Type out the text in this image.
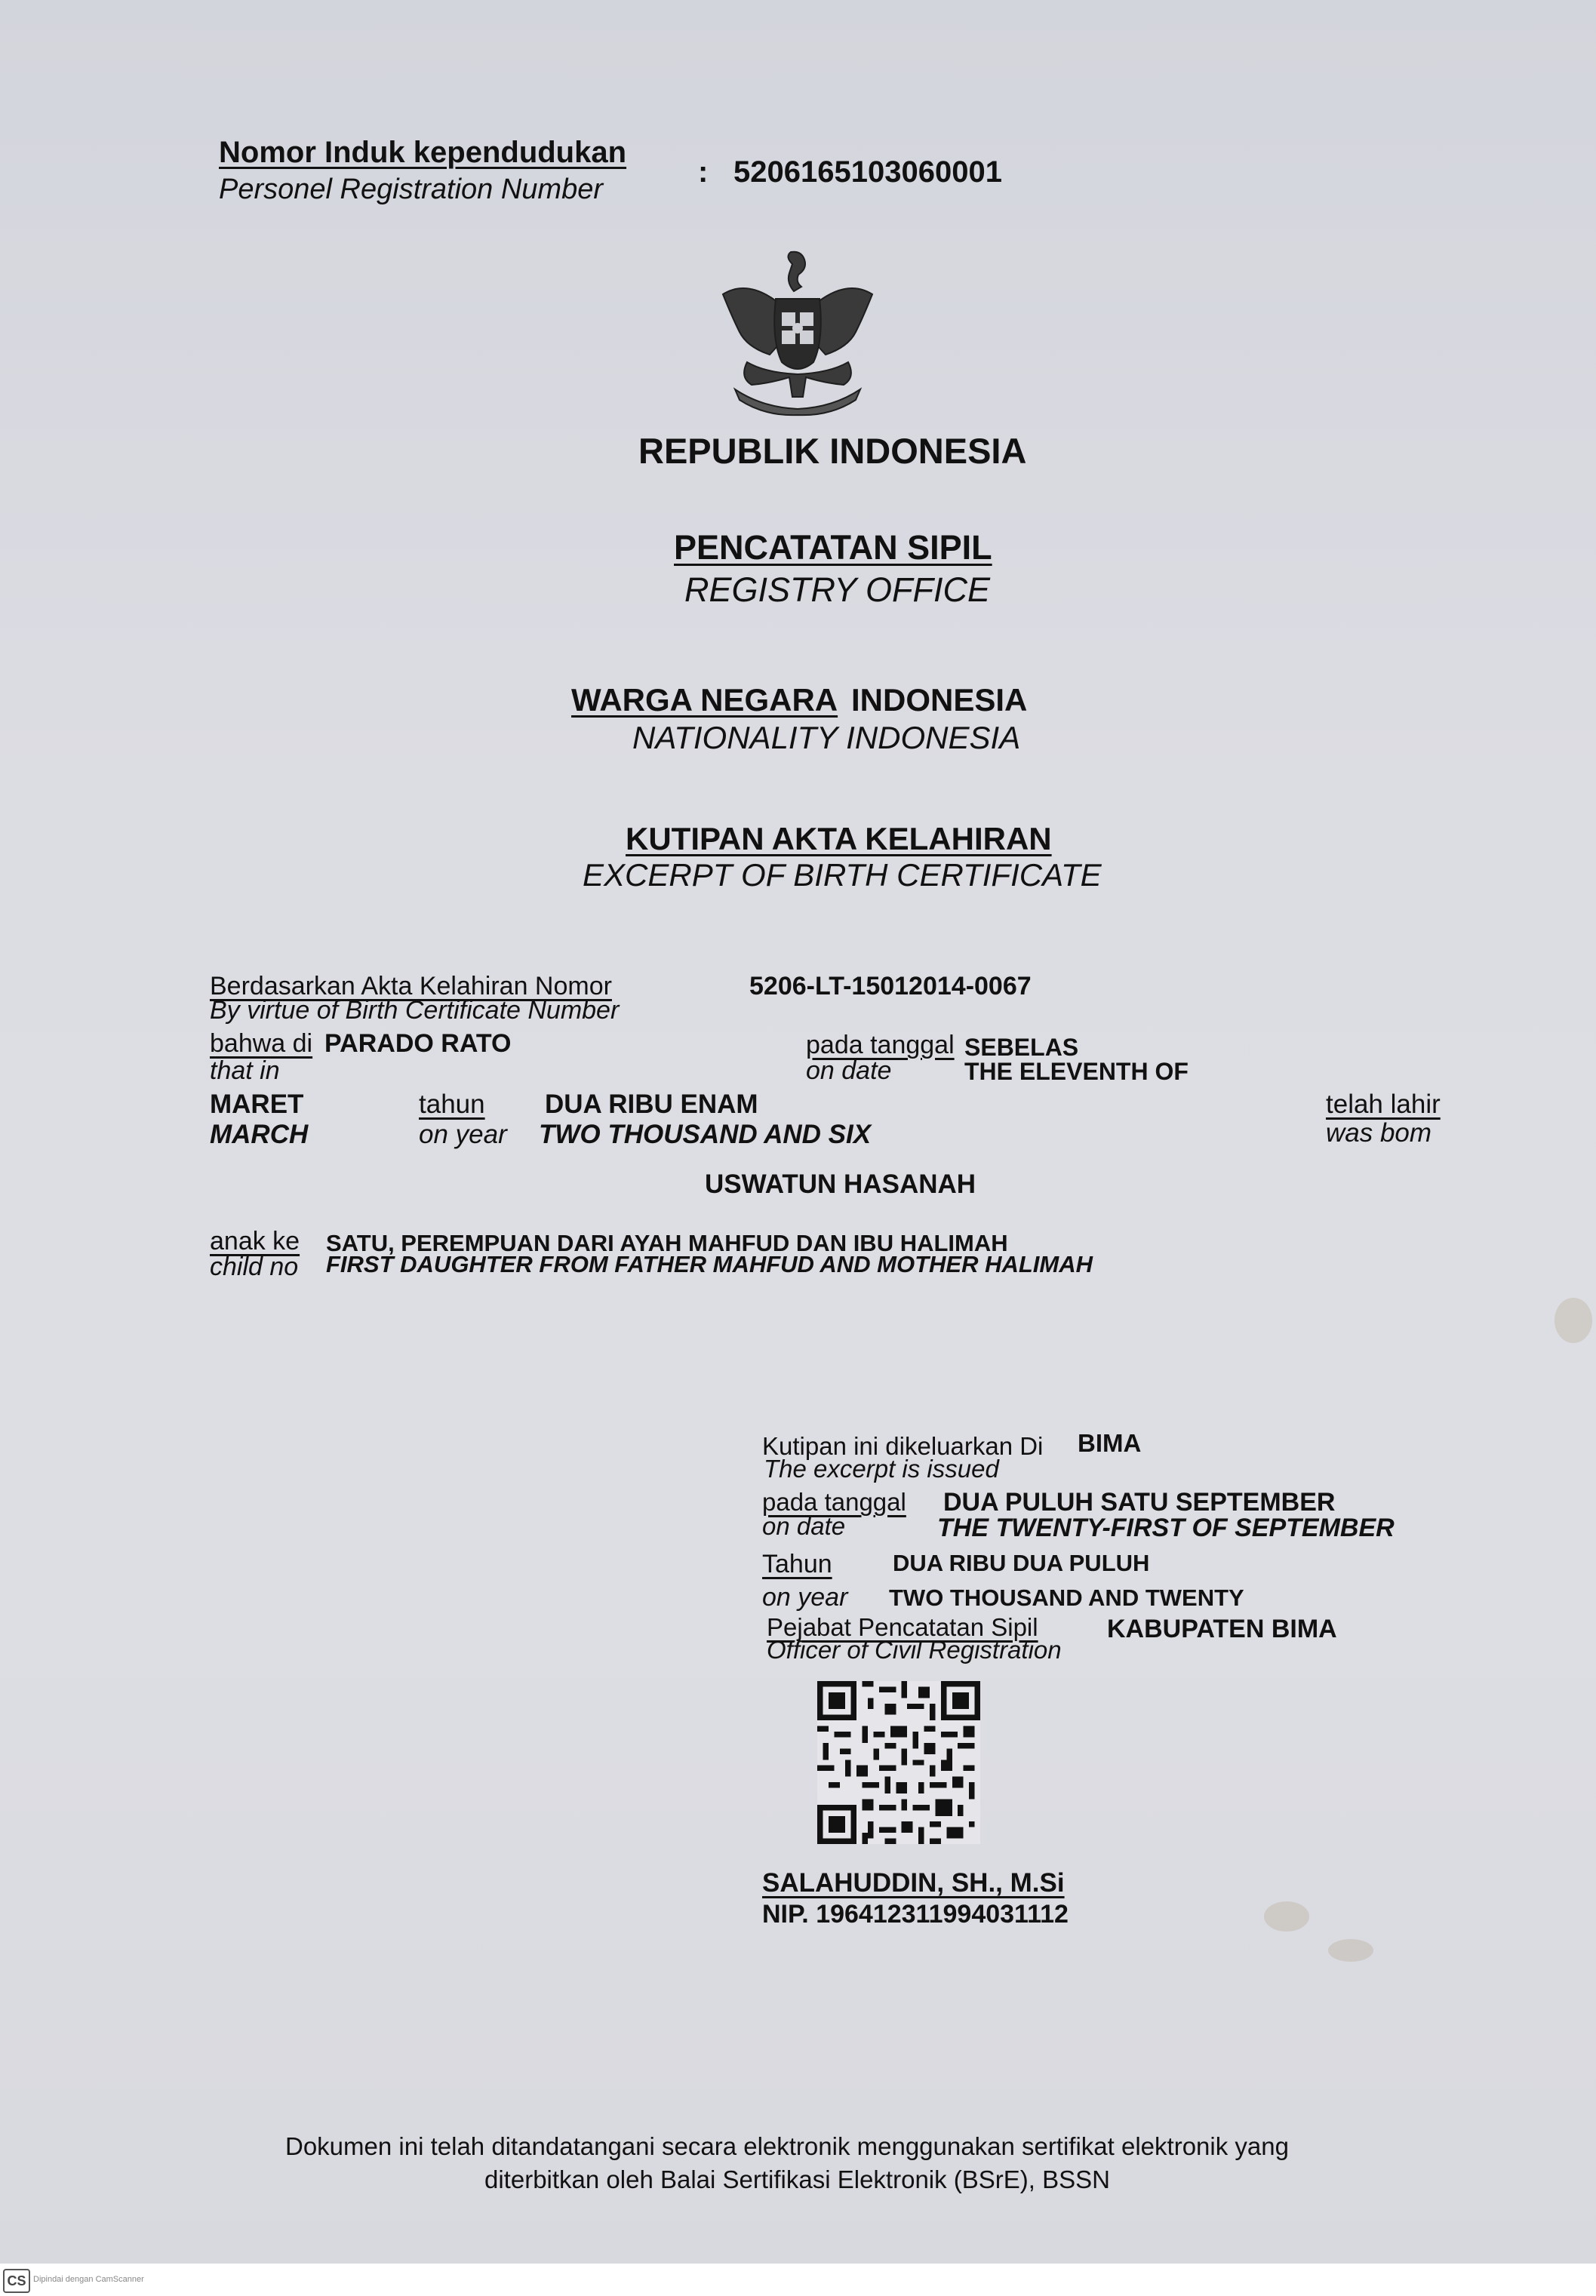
Nomor Induk kependudukan
Personel Registration Number
: 5206165103060001
REPUBLIK INDONESIA
PENCATATAN SIPIL
REGISTRY OFFICE
WARGA NEGARA INDONESIA
NATIONALITY INDONESIA
KUTIPAN AKTA KELAHIRAN
EXCERPT OF BIRTH CERTIFICATE
Berdasarkan Akta Kelahiran Nomor
By virtue of Birth Certificate Number
5206-LT-15012014-0067
bahwa di PARADO RATO
that in
pada tanggal
on date
SEBELAS
THE ELEVENTH OF
MARET
MARCH
tahun
on year
DUA RIBU ENAM
TWO THOUSAND AND SIX
telah lahir
was bom
USWATUN HASANAH
anak ke
child no
SATU, PEREMPUAN DARI AYAH MAHFUD DAN IBU HALIMAH
FIRST DAUGHTER FROM FATHER MAHFUD AND MOTHER HALIMAH
Kutipan ini dikeluarkan Di BIMA
The excerpt is issued
pada tanggal
on date
DUA PULUH SATU SEPTEMBER
THE TWENTY-FIRST OF SEPTEMBER
Tahun
on year
DUA RIBU DUA PULUH
TWO THOUSAND AND TWENTY
Pejabat Pencatatan Sipil
Officer of Civil Registration
KABUPATEN BIMA
SALAHUDDIN, SH., M.Si
NIP. 196412311994031112
Dokumen ini telah ditandatangani secara elektronik menggunakan sertifikat elektronik yang
diterbitkan oleh Balai Sertifikasi Elektronik (BSrE), BSSN
CS Dipindai dengan CamScanner
